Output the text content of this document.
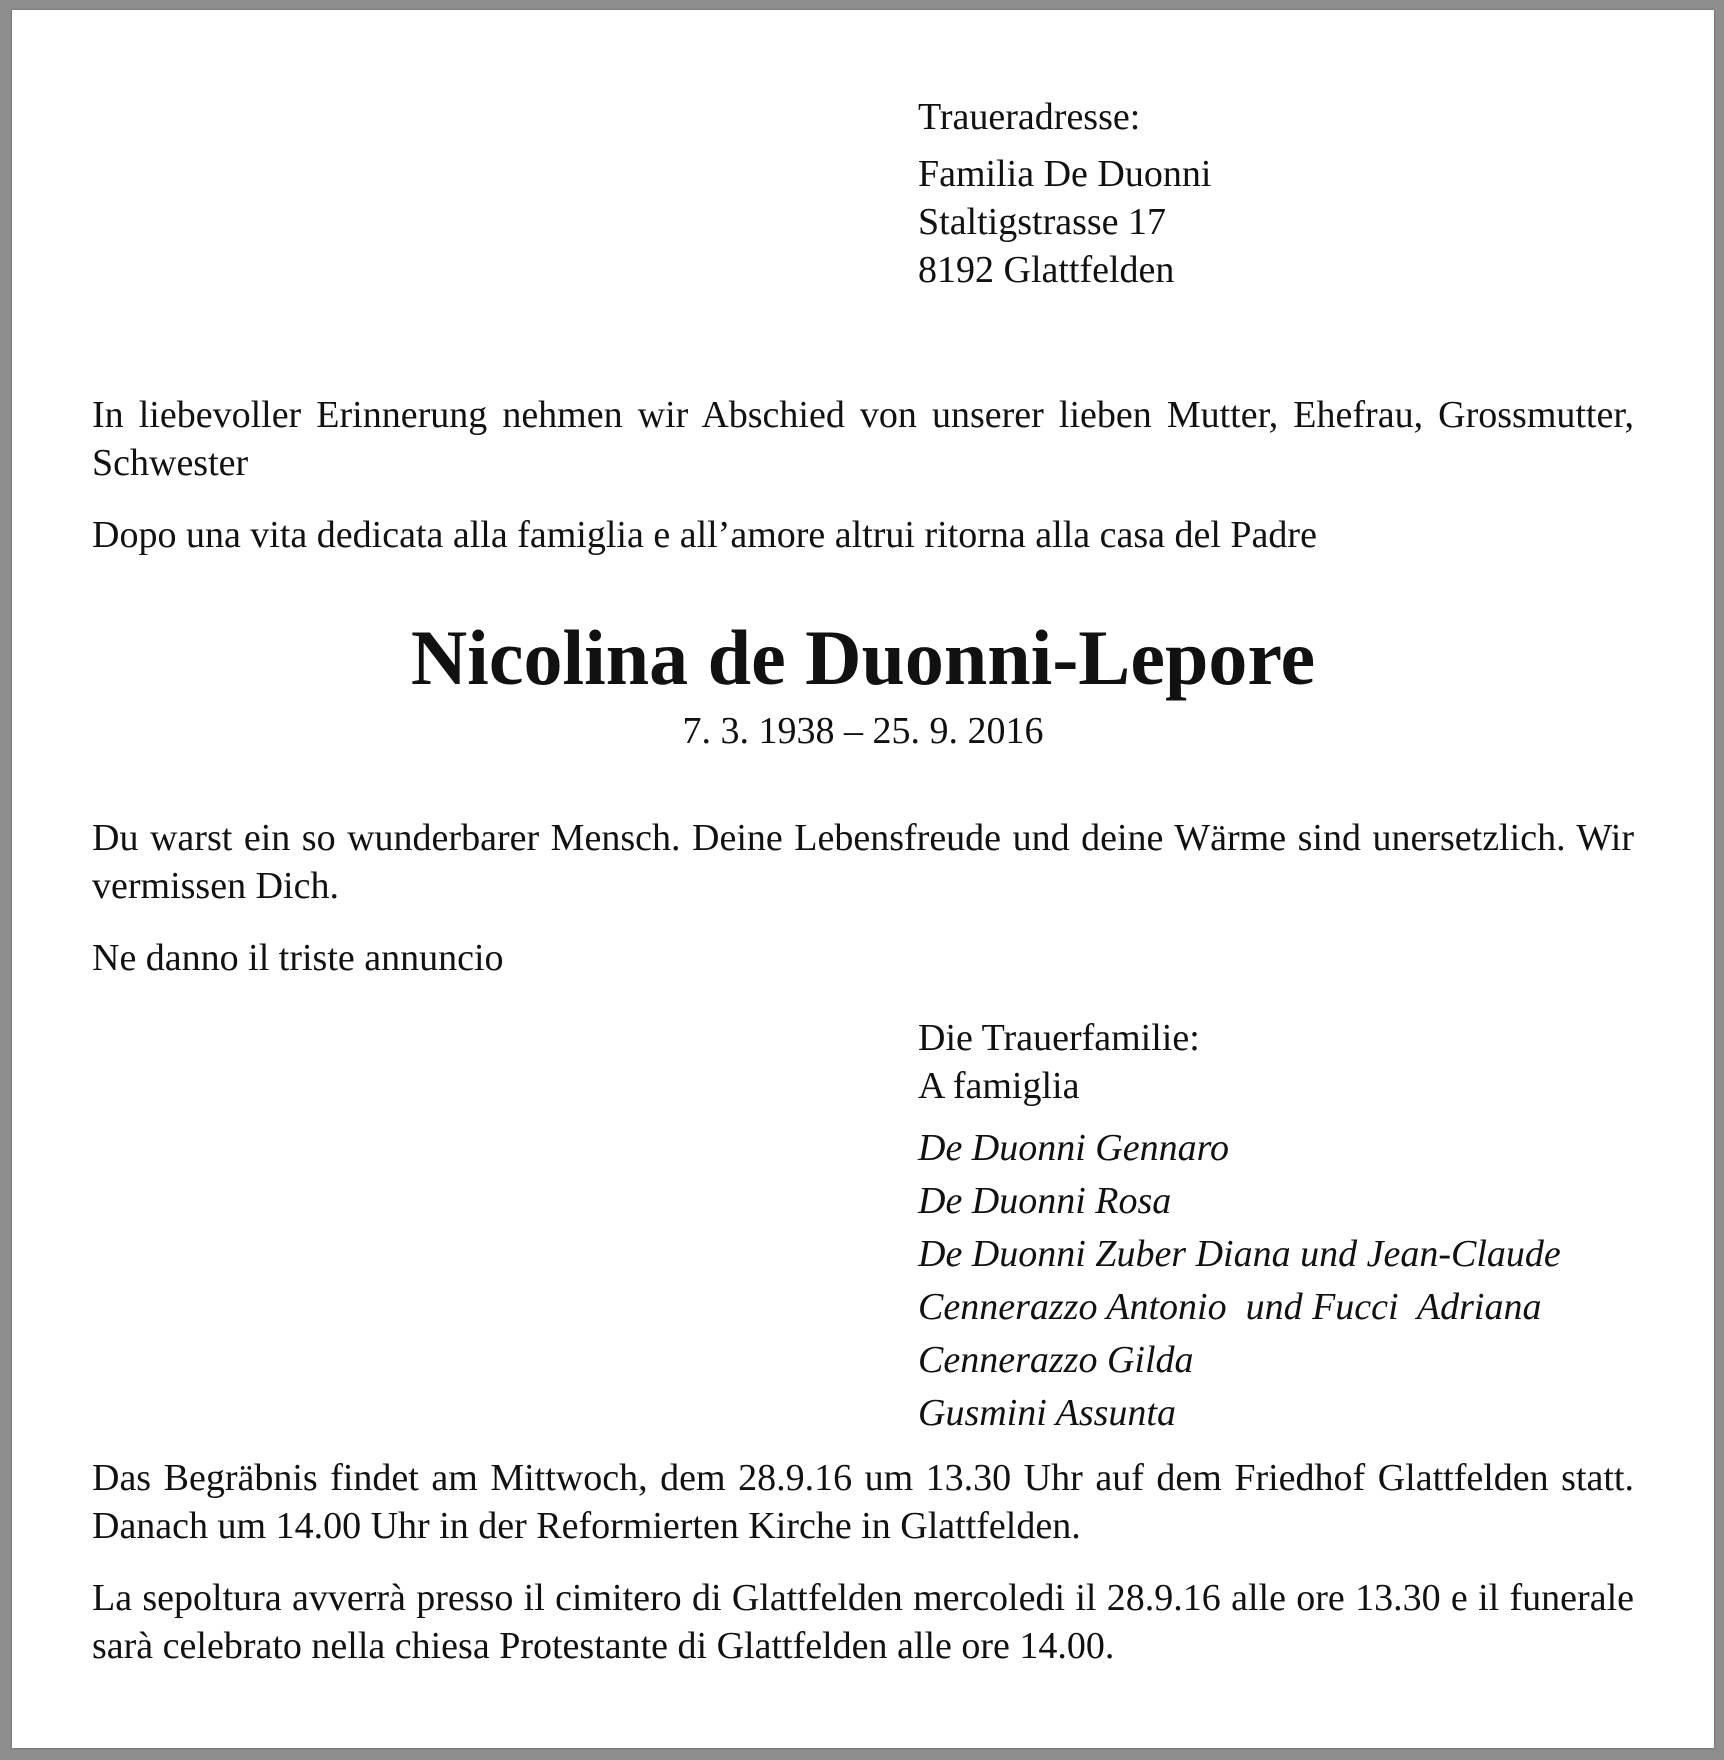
Traueradresse:
Familia De Duonni
Staltigstrasse 17
8192 Glattfelden
In liebevoller Erinnerung nehmen wir Abschied von unserer lieben Mutter, Ehefrau, Grossmutter, Schwester
Dopo una vita dedicata alla famiglia e all’amore altrui ritorna alla casa del Padre
Nicolina de Duonni-Lepore
7. 3. 1938 – 25. 9. 2016
Du warst ein so wunderbarer Mensch. Deine Lebensfreude und deine Wärme sind unersetzlich. Wir vermissen Dich.
Ne danno il triste annuncio
Die Trauerfamilie:
A famiglia
De Duonni Gennaro
De Duonni Rosa
De Duonni Zuber Diana und Jean-Claude
Cennerazzo Antonio  und Fucci  Adriana
Cennerazzo Gilda
Gusmini Assunta
Das Begräbnis findet am Mittwoch, dem 28.9.16 um 13.30 Uhr auf dem Friedhof Glattfelden statt. Danach um 14.00 Uhr in der Reformierten Kirche in Glattfelden.
La sepoltura avverrà presso il cimitero di Glattfelden mercoledi il 28.9.16 alle ore 13.30 e il funerale sarà celebrato nella chiesa Protestante di Glattfelden alle ore 14.00.
